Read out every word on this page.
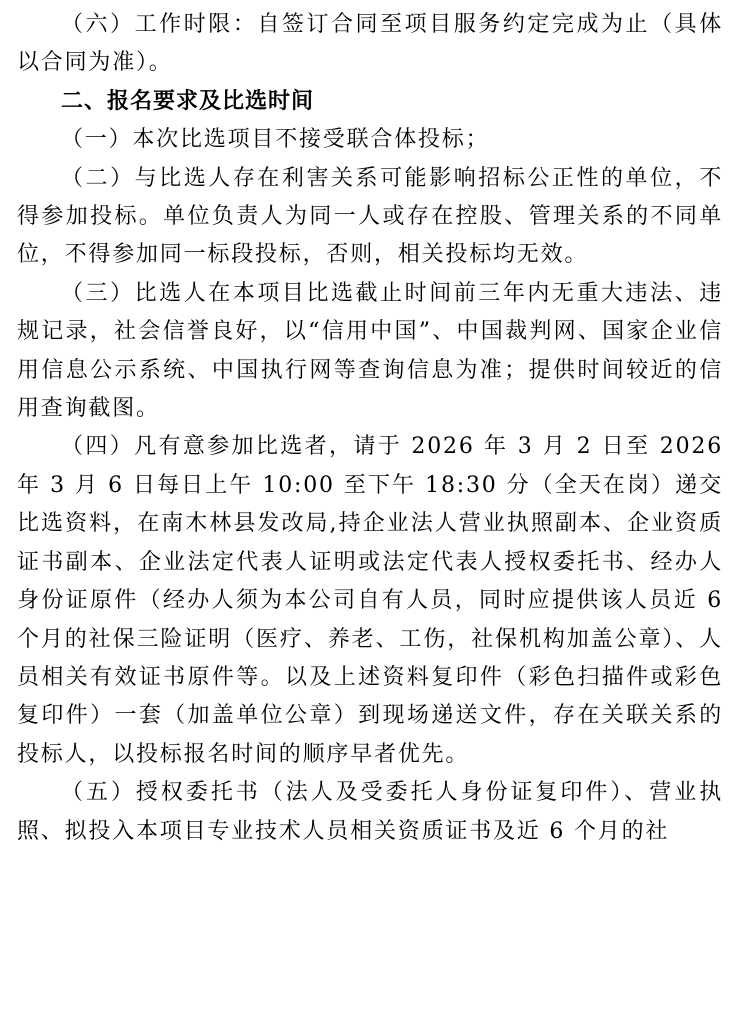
（六）工作时限：自签订合同至项目服务约定完成为止（具体以合同为准）。

二、报名要求及比选时间

（一）本次比选项目不接受联合体投标；

（二）与比选人存在利害关系可能影响招标公正性的单位，不得参加投标。单位负责人为同一人或存在控股、管理关系的不同单位，不得参加同一标段投标，否则，相关投标均无效。

（三）比选人在本项目比选截止时间前三年内无重大违法、违规记录，社会信誉良好，以“信用中国”、中国裁判网、国家企业信用信息公示系统、中国执行网等查询信息为准；提供时间较近的信用查询截图。

（四）凡有意参加比选者，请于 2026 年 3 月 2 日至 2026 年 3 月 6 日每日上午 10:00 至下午 18:30 分（全天在岗）递交比选资料，在南木林县发改局,持企业法人营业执照副本、企业资质证书副本、企业法定代表人证明或法定代表人授权委托书、经办人身份证原件（经办人须为本公司自有人员，同时应提供该人员近 6 个月的社保三险证明（医疗、养老、工伤，社保机构加盖公章）、人员相关有效证书原件等。以及上述资料复印件（彩色扫描件或彩色复印件）一套（加盖单位公章）到现场递送文件，存在关联关系的投标人，以投标报名时间的顺序早者优先。

（五）授权委托书（法人及受委托人身份证复印件）、营业执照、拟投入本项目专业技术人员相关资质证书及近 6 个月的社
